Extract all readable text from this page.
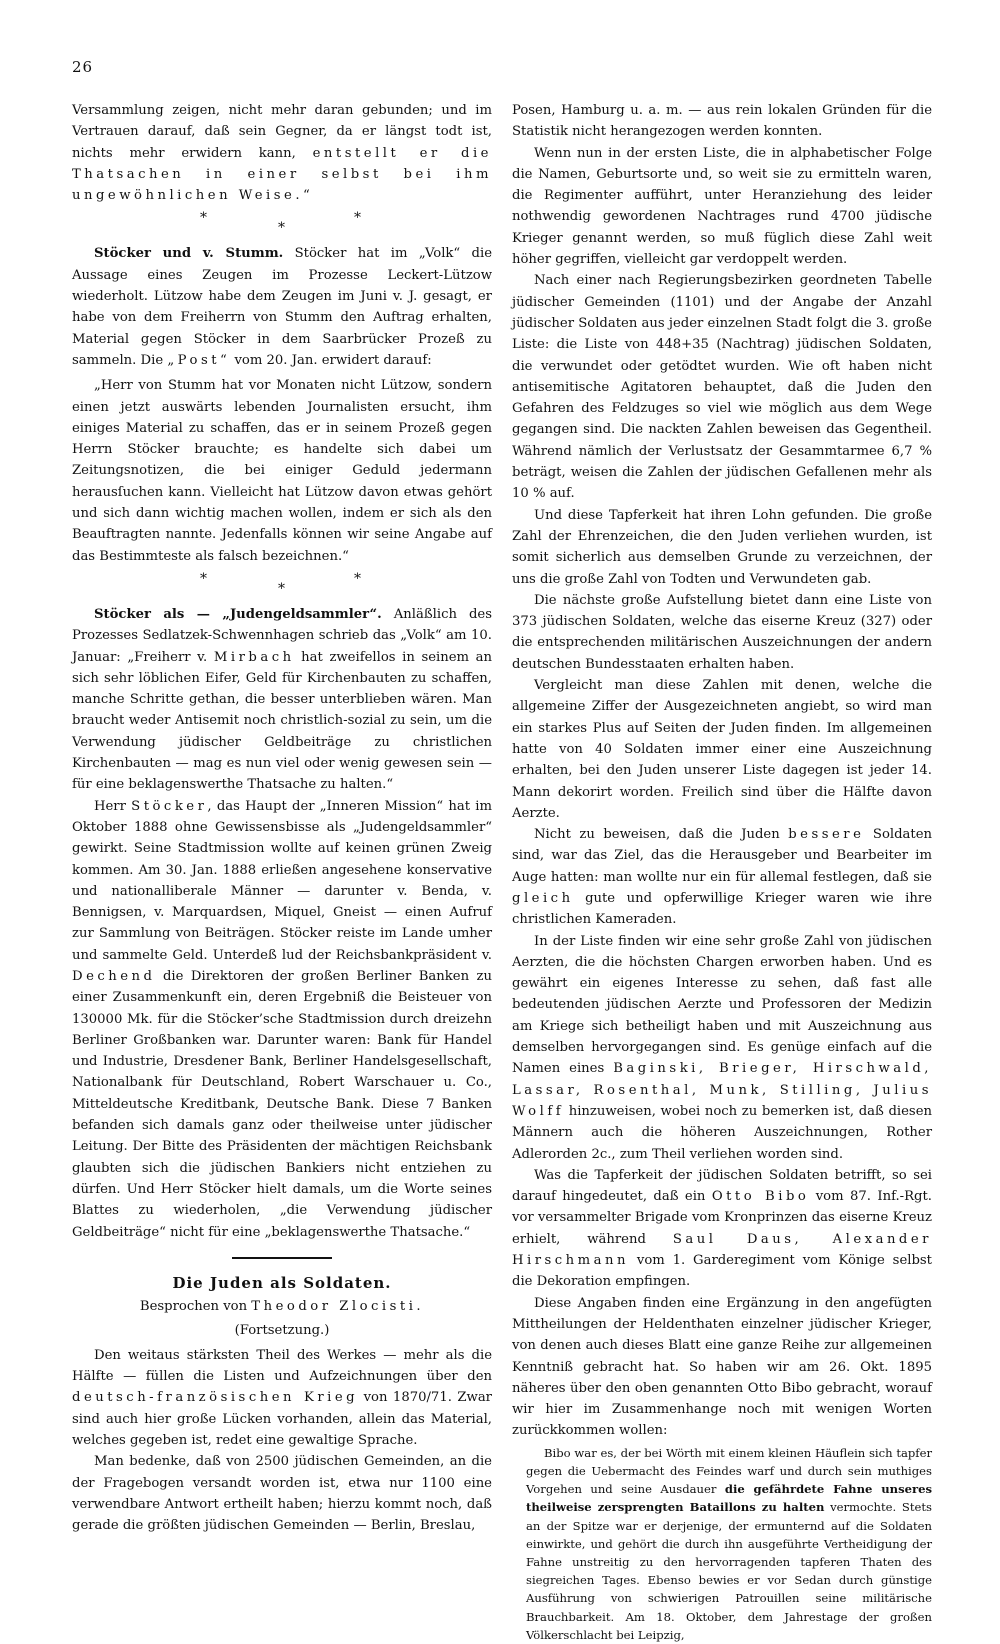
26

Versammlung zeigen, nicht mehr daran gebunden; und im Vertrauen darauf, daß sein Gegner, da er längst todt ist, nichts mehr erwidern kann, entstellt er die Thatsachen in einer selbst bei ihm ungewöhnlichen Weise.“

*
*
*

Stöcker und v. Stumm. Stöcker hat im „Volk“ die Aussage eines Zeugen im Prozesse Leckert-Lützow wiederholt. Lützow habe dem Zeugen im Juni v. J. gesagt, er habe von dem Freiherrn von Stumm den Auftrag erhalten, Material gegen Stöcker in dem Saarbrücker Prozeß zu sammeln. Die „Post“ vom 20. Jan. erwidert darauf:

„Herr von Stumm hat vor Monaten nicht Lützow, sondern einen jetzt auswärts lebenden Journalisten ersucht, ihm einiges Material zu schaffen, das er in seinem Prozeß gegen Herrn Stöcker brauchte; es handelte sich dabei um Zeitungsnotizen, die bei einiger Geduld jedermann herausſuchen kann. Vielleicht hat Lützow davon etwas gehört und sich dann wichtig machen wollen, indem er sich als den Beauftragten nannte. Jedenfalls können wir seine Angabe auf das Bestimmteste als falsch bezeichnen.“

*
*
*

Stöcker als — „Judengeldsammler“. Anläßlich des Prozesses Sedlatzek-Schwennhagen schrieb das „Volk“ am 10. Januar: „Freiherr v. Mirbach hat zweifellos in seinem an sich sehr löblichen Eifer, Geld für Kirchenbauten zu schaffen, manche Schritte gethan, die besser unterblieben wären. Man braucht weder Antisemit noch christlich-sozial zu sein, um die Verwendung jüdischer Geldbeiträge zu christlichen Kirchenbauten — mag es nun viel oder wenig gewesen sein — für eine beklagenswerthe Thatsache zu halten.“

Herr Stöcker, das Haupt der „Inneren Mission“ hat im Oktober 1888 ohne Gewissensbisse als „Judengeldsammler“ gewirkt. Seine Stadtmission wollte auf keinen grünen Zweig kommen. Am 30. Jan. 1888 erließen angesehene konservative und nationalliberale Männer — darunter v. Benda, v. Bennigsen, v. Marquardsen, Miquel, Gneist — einen Aufruf zur Sammlung von Beiträgen. Stöcker reiste im Lande umher und sammelte Geld. Unterdeß lud der Reichsbankpräsident v. Dechend die Direktoren der großen Berliner Banken zu einer Zusammenkunft ein, deren Ergebniß die Beisteuer von 130000 Mk. für die Stöcker’sche Stadtmission durch dreizehn Berliner Großbanken war. Darunter waren: Bank für Handel und Industrie, Dresdener Bank, Berliner Handelsgesellschaft, Nationalbank für Deutschland, Robert Warschauer u. Co., Mitteldeutsche Kreditbank, Deutsche Bank. Diese 7 Banken befanden sich damals ganz oder theilweise unter jüdischer Leitung. Der Bitte des Präsidenten der mächtigen Reichsbank glaubten sich die jüdischen Bankiers nicht entziehen zu dürfen. Und Herr Stöcker hielt damals, um die Worte seines Blattes zu wiederholen, „die Verwendung jüdischer Geldbeiträge“ nicht für eine „beklagenswerthe Thatsache.“

Die Juden als Soldaten.
Besprochen von Theodor Zlocisti.
(Fortsetzung.)

Den weitaus stärksten Theil des Werkes — mehr als die Hälfte — füllen die Listen und Aufzeichnungen über den deutsch-französischen Krieg von 1870/71. Zwar sind auch hier große Lücken vorhanden, allein das Material, welches gegeben ist, redet eine gewaltige Sprache.

Man bedenke, daß von 2500 jüdischen Gemeinden, an die der Fragebogen versandt worden ist, etwa nur 1100 eine verwendbare Antwort ertheilt haben; hierzu kommt noch, daß gerade die größten jüdischen Gemeinden — Berlin, Breslau,

Posen, Hamburg u. a. m. — aus rein lokalen Gründen für die Statistik nicht herangezogen werden konnten.

Wenn nun in der ersten Liste, die in alphabetischer Folge die Namen, Geburtsorte und, so weit sie zu ermitteln waren, die Regimenter aufführt, unter Heranziehung des leider nothwendig gewordenen Nachtrages rund 4700 jüdische Krieger genannt werden, so muß füglich diese Zahl weit höher gegriffen, vielleicht gar verdoppelt werden.

Nach einer nach Regierungsbezirken geordneten Tabelle jüdischer Gemeinden (1101) und der Angabe der Anzahl jüdischer Soldaten aus jeder einzelnen Stadt folgt die 3. große Liste: die Liste von 448+35 (Nachtrag) jüdischen Soldaten, die verwundet oder getödtet wurden. Wie oft haben nicht antisemitische Agitatoren behauptet, daß die Juden den Gefahren des Feldzuges so viel wie möglich aus dem Wege gegangen sind. Die nackten Zahlen beweisen das Gegentheil. Während nämlich der Verlustsatz der Gesammtarmee 6,7 % beträgt, weisen die Zahlen der jüdischen Gefallenen mehr als 10 % auf.

Und diese Tapferkeit hat ihren Lohn gefunden. Die große Zahl der Ehrenzeichen, die den Juden verliehen wurden, ist somit sicherlich aus demselben Grunde zu verzeichnen, der uns die große Zahl von Todten und Verwundeten gab.

Die nächste große Aufstellung bietet dann eine Liste von 373 jüdischen Soldaten, welche das eiserne Kreuz (327) oder die entsprechenden militärischen Auszeichnungen der andern deutschen Bundesstaaten erhalten haben.

Vergleicht man diese Zahlen mit denen, welche die allgemeine Ziffer der Ausgezeichneten angiebt, so wird man ein starkes Plus auf Seiten der Juden finden. Im allgemeinen hatte von 40 Soldaten immer einer eine Auszeichnung erhalten, bei den Juden unserer Liste dagegen ist jeder 14. Mann dekorirt worden. Freilich sind über die Hälfte davon Aerzte.

Nicht zu beweisen, daß die Juden bessere Soldaten sind, war das Ziel, das die Herausgeber und Bearbeiter im Auge hatten: man wollte nur ein für allemal festlegen, daß sie gleich gute und opferwillige Krieger waren wie ihre christlichen Kameraden.

In der Liste finden wir eine sehr große Zahl von jüdischen Aerzten, die die höchsten Chargen erworben haben. Und es gewährt ein eigenes Interesse zu sehen, daß fast alle bedeutenden jüdischen Aerzte und Professoren der Medizin am Kriege sich betheiligt haben und mit Auszeichnung aus demselben hervorgegangen sind. Es genüge einfach auf die Namen eines Baginski, Brieger, Hirschwald, Lassar, Rosenthal, Munk, Stilling, Julius Wolff hinzuweisen, wobei noch zu bemerken ist, daß diesen Männern auch die höheren Auszeichnungen, Rother Adlerorden 2c., zum Theil verliehen worden sind.

Was die Tapferkeit der jüdischen Soldaten betrifft, so sei darauf hingedeutet, daß ein Otto Bibo vom 87. Inf.-Rgt. vor versammelter Brigade vom Kronprinzen das eiserne Kreuz erhielt, während Saul Daus, Alexander Hirschmann vom 1. Garderegiment vom Könige selbst die Dekoration empfingen.

Diese Angaben finden eine Ergänzung in den angefügten Mittheilungen der Heldenthaten einzelner jüdischer Krieger, von denen auch dieses Blatt eine ganze Reihe zur allgemeinen Kenntniß gebracht hat. So haben wir am 26. Okt. 1895 näheres über den oben genannten Otto Bibo gebracht, worauf wir hier im Zusammenhange noch mit wenigen Worten zurückkommen wollen:

Bibo war es, der bei Wörth mit einem kleinen Häuflein sich tapfer gegen die Uebermacht des Feindes warf und durch sein muthiges Vorgehen und seine Ausdauer die gefährdete Fahne unseres theilweise zersprengten Bataillons zu halten vermochte. Stets an der Spitze war er derjenige, der ermunternd auf die Soldaten einwirkte, und gehört die durch ihn ausgeführte Vertheidigung der Fahne unstreitig zu den hervorragenden tapferen Thaten des siegreichen Tages. Ebenso bewies er vor Sedan durch günstige Ausführung von schwierigen Patrouillen seine militärische Brauchbarkeit. Am 18. Oktober, dem Jahrestage der großen Völkerschlacht bei Leipzig,
